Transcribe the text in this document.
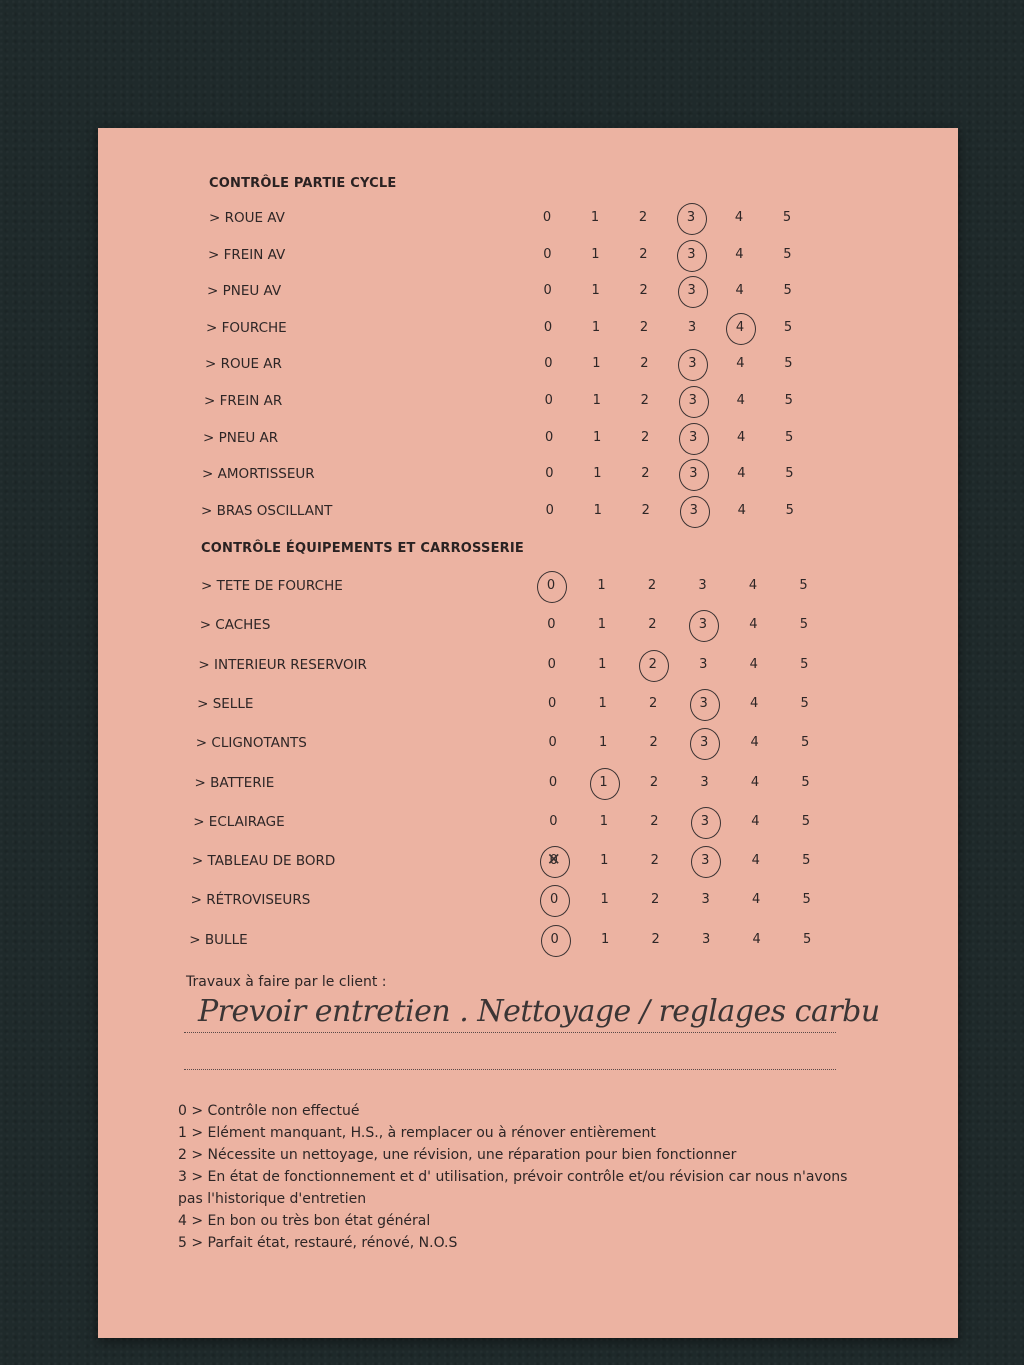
CONTRÔLE PARTIE CYCLE
> ROUE AV	0	1	2	3	4	5
> FREIN AV	0	1	2	3	4	5
> PNEU AV	0	1	2	3	4	5
> FOURCHE	0	1	2	3	4	5
> ROUE AR	0	1	2	3	4	5
> FREIN AR	0	1	2	3	4	5
> PNEU AR	0	1	2	3	4	5
> AMORTISSEUR	0	1	2	3	4	5
> BRAS OSCILLANT	0	1	2	3	4	5
CONTRÔLE ÉQUIPEMENTS ET CARROSSERIE
> TETE DE FOURCHE	0	1	2	3	4	5
> CACHES	0	1	2	3	4	5
> INTERIEUR RESERVOIR	0	1	2	3	4	5
> SELLE	0	1	2	3	4	5
> CLIGNOTANTS	0	1	2	3	4	5
> BATTERIE	0	1	2	3	4	5
> ECLAIRAGE	0	1	2	3	4	5
> TABLEAU DE BORD
✕	0	1	2	3	4	5
> RÉTROVISEURS	0	1	2	3	4	5
> BULLE	0	1	2	3	4	5
Travaux à faire par le client :
Prevoir entretien . Nettoyage / reglages carbu
0 > Contrôle non effectué
1 > Elément manquant, H.S., à remplacer ou à rénover entièrement
2 > Nécessite un nettoyage, une révision, une réparation pour bien fonctionner
3 > En état de fonctionnement et d' utilisation, prévoir contrôle et/ou révision car nous n'avons pas l'historique d'entretien
4 > En bon ou très bon état général
5 > Parfait état, restauré, rénové, N.O.S
